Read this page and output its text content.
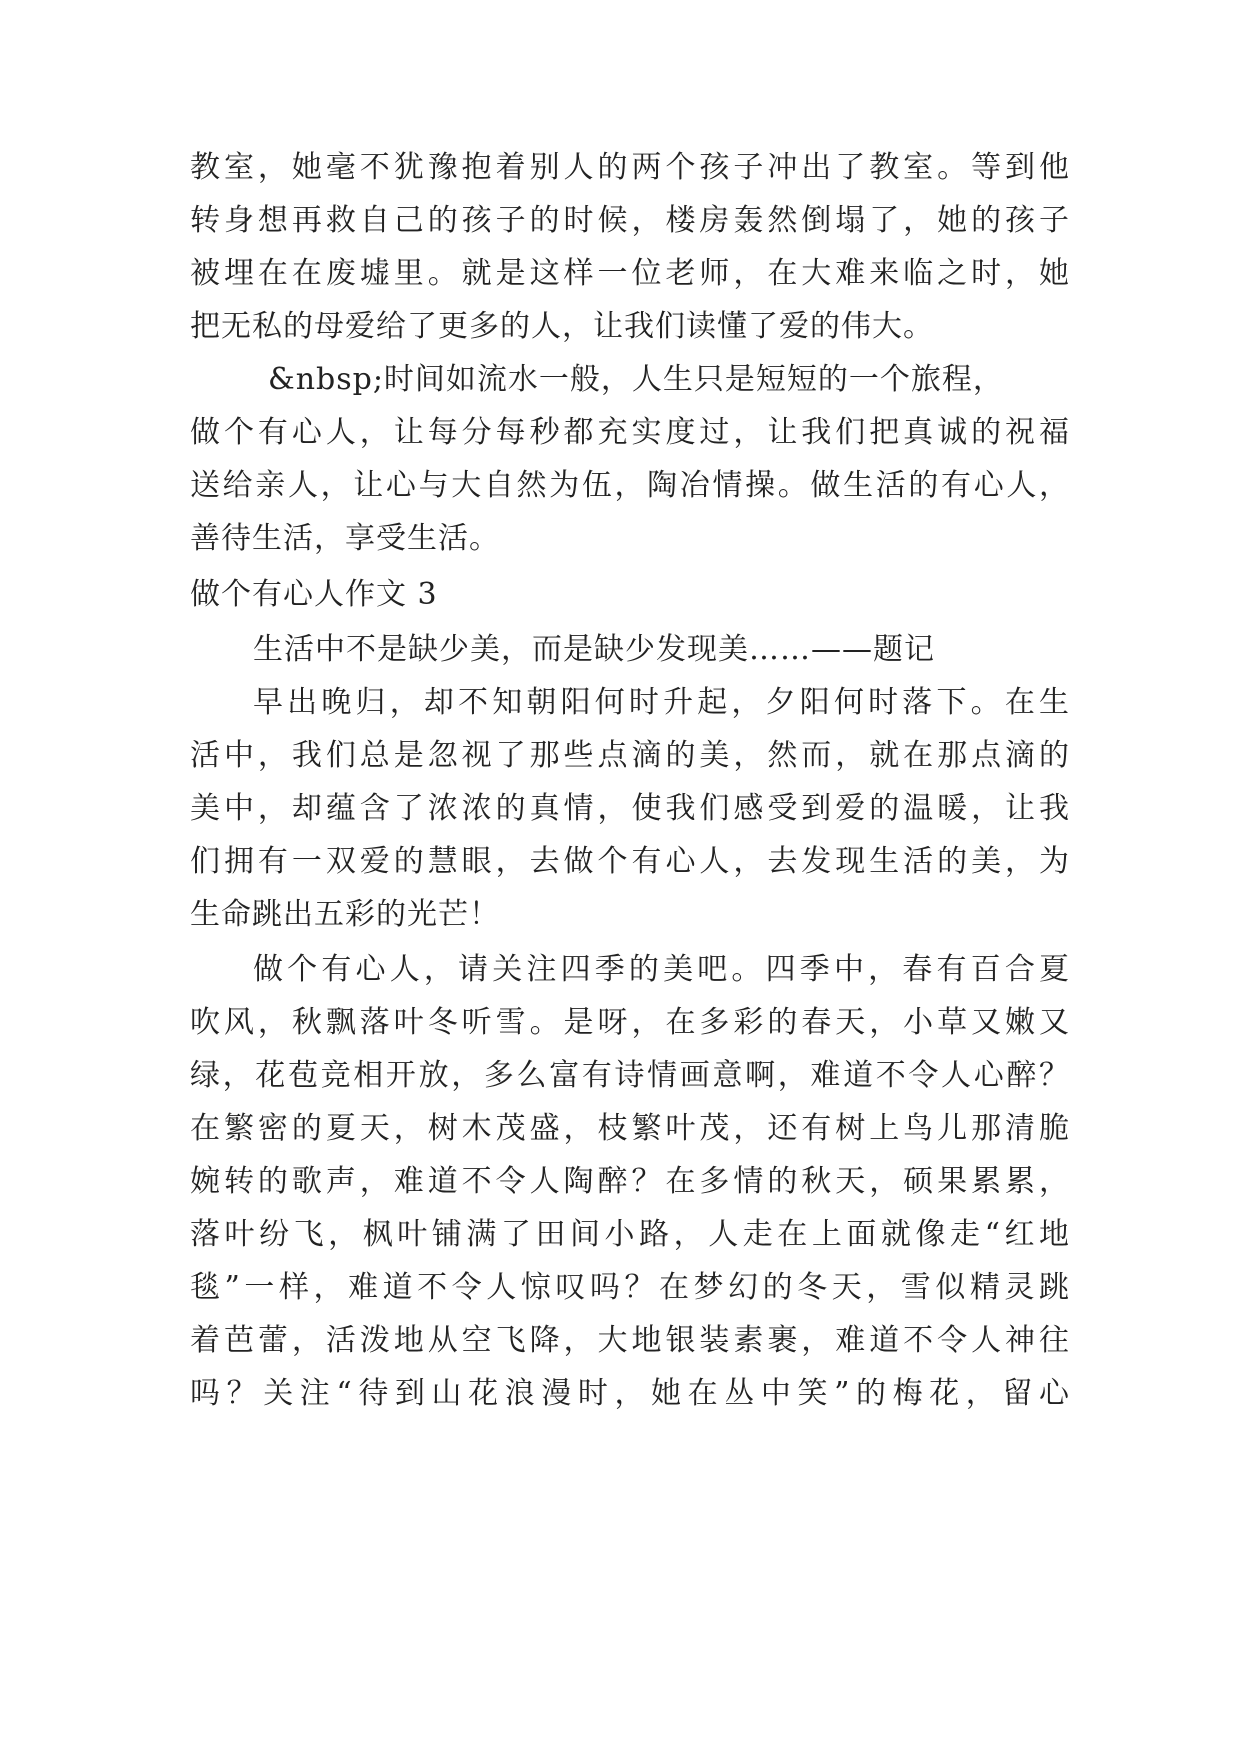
教室，她毫不犹豫抱着别人的两个孩子冲出了教室。等到他
转身想再救自己的孩子的时候，楼房轰然倒塌了，她的孩子
被埋在在废墟里。就是这样一位老师，在大难来临之时，她
把无私的母爱给了更多的人，让我们读懂了爱的伟大。
&nbsp;时间如流水一般，人生只是短短的一个旅程，
做个有心人，让每分每秒都充实度过，让我们把真诚的祝福
送给亲人，让心与大自然为伍，陶冶情操。做生活的有心人，
善待生活，享受生活。
做个有心人作文 3
生活中不是缺少美，而是缺少发现美……——题记
早出晚归，却不知朝阳何时升起，夕阳何时落下。在生
活中，我们总是忽视了那些点滴的美，然而，就在那点滴的
美中，却蕴含了浓浓的真情，使我们感受到爱的温暖，让我
们拥有一双爱的慧眼，去做个有心人，去发现生活的美，为
生命跳出五彩的光芒！
做个有心人，请关注四季的美吧。四季中，春有百合夏
吹风，秋飘落叶冬听雪。是呀，在多彩的春天，小草又嫩又
绿，花苞竞相开放，多么富有诗情画意啊，难道不令人心醉？
在繁密的夏天，树木茂盛，枝繁叶茂，还有树上鸟儿那清脆
婉转的歌声，难道不令人陶醉？在多情的秋天，硕果累累，
落叶纷飞，枫叶铺满了田间小路，人走在上面就像走“红地
毯”一样，难道不令人惊叹吗？在梦幻的冬天，雪似精灵跳
着芭蕾，活泼地从空飞降，大地银装素裹，难道不令人神往
吗？关注“待到山花浪漫时，她在丛中笑”的梅花，留心
